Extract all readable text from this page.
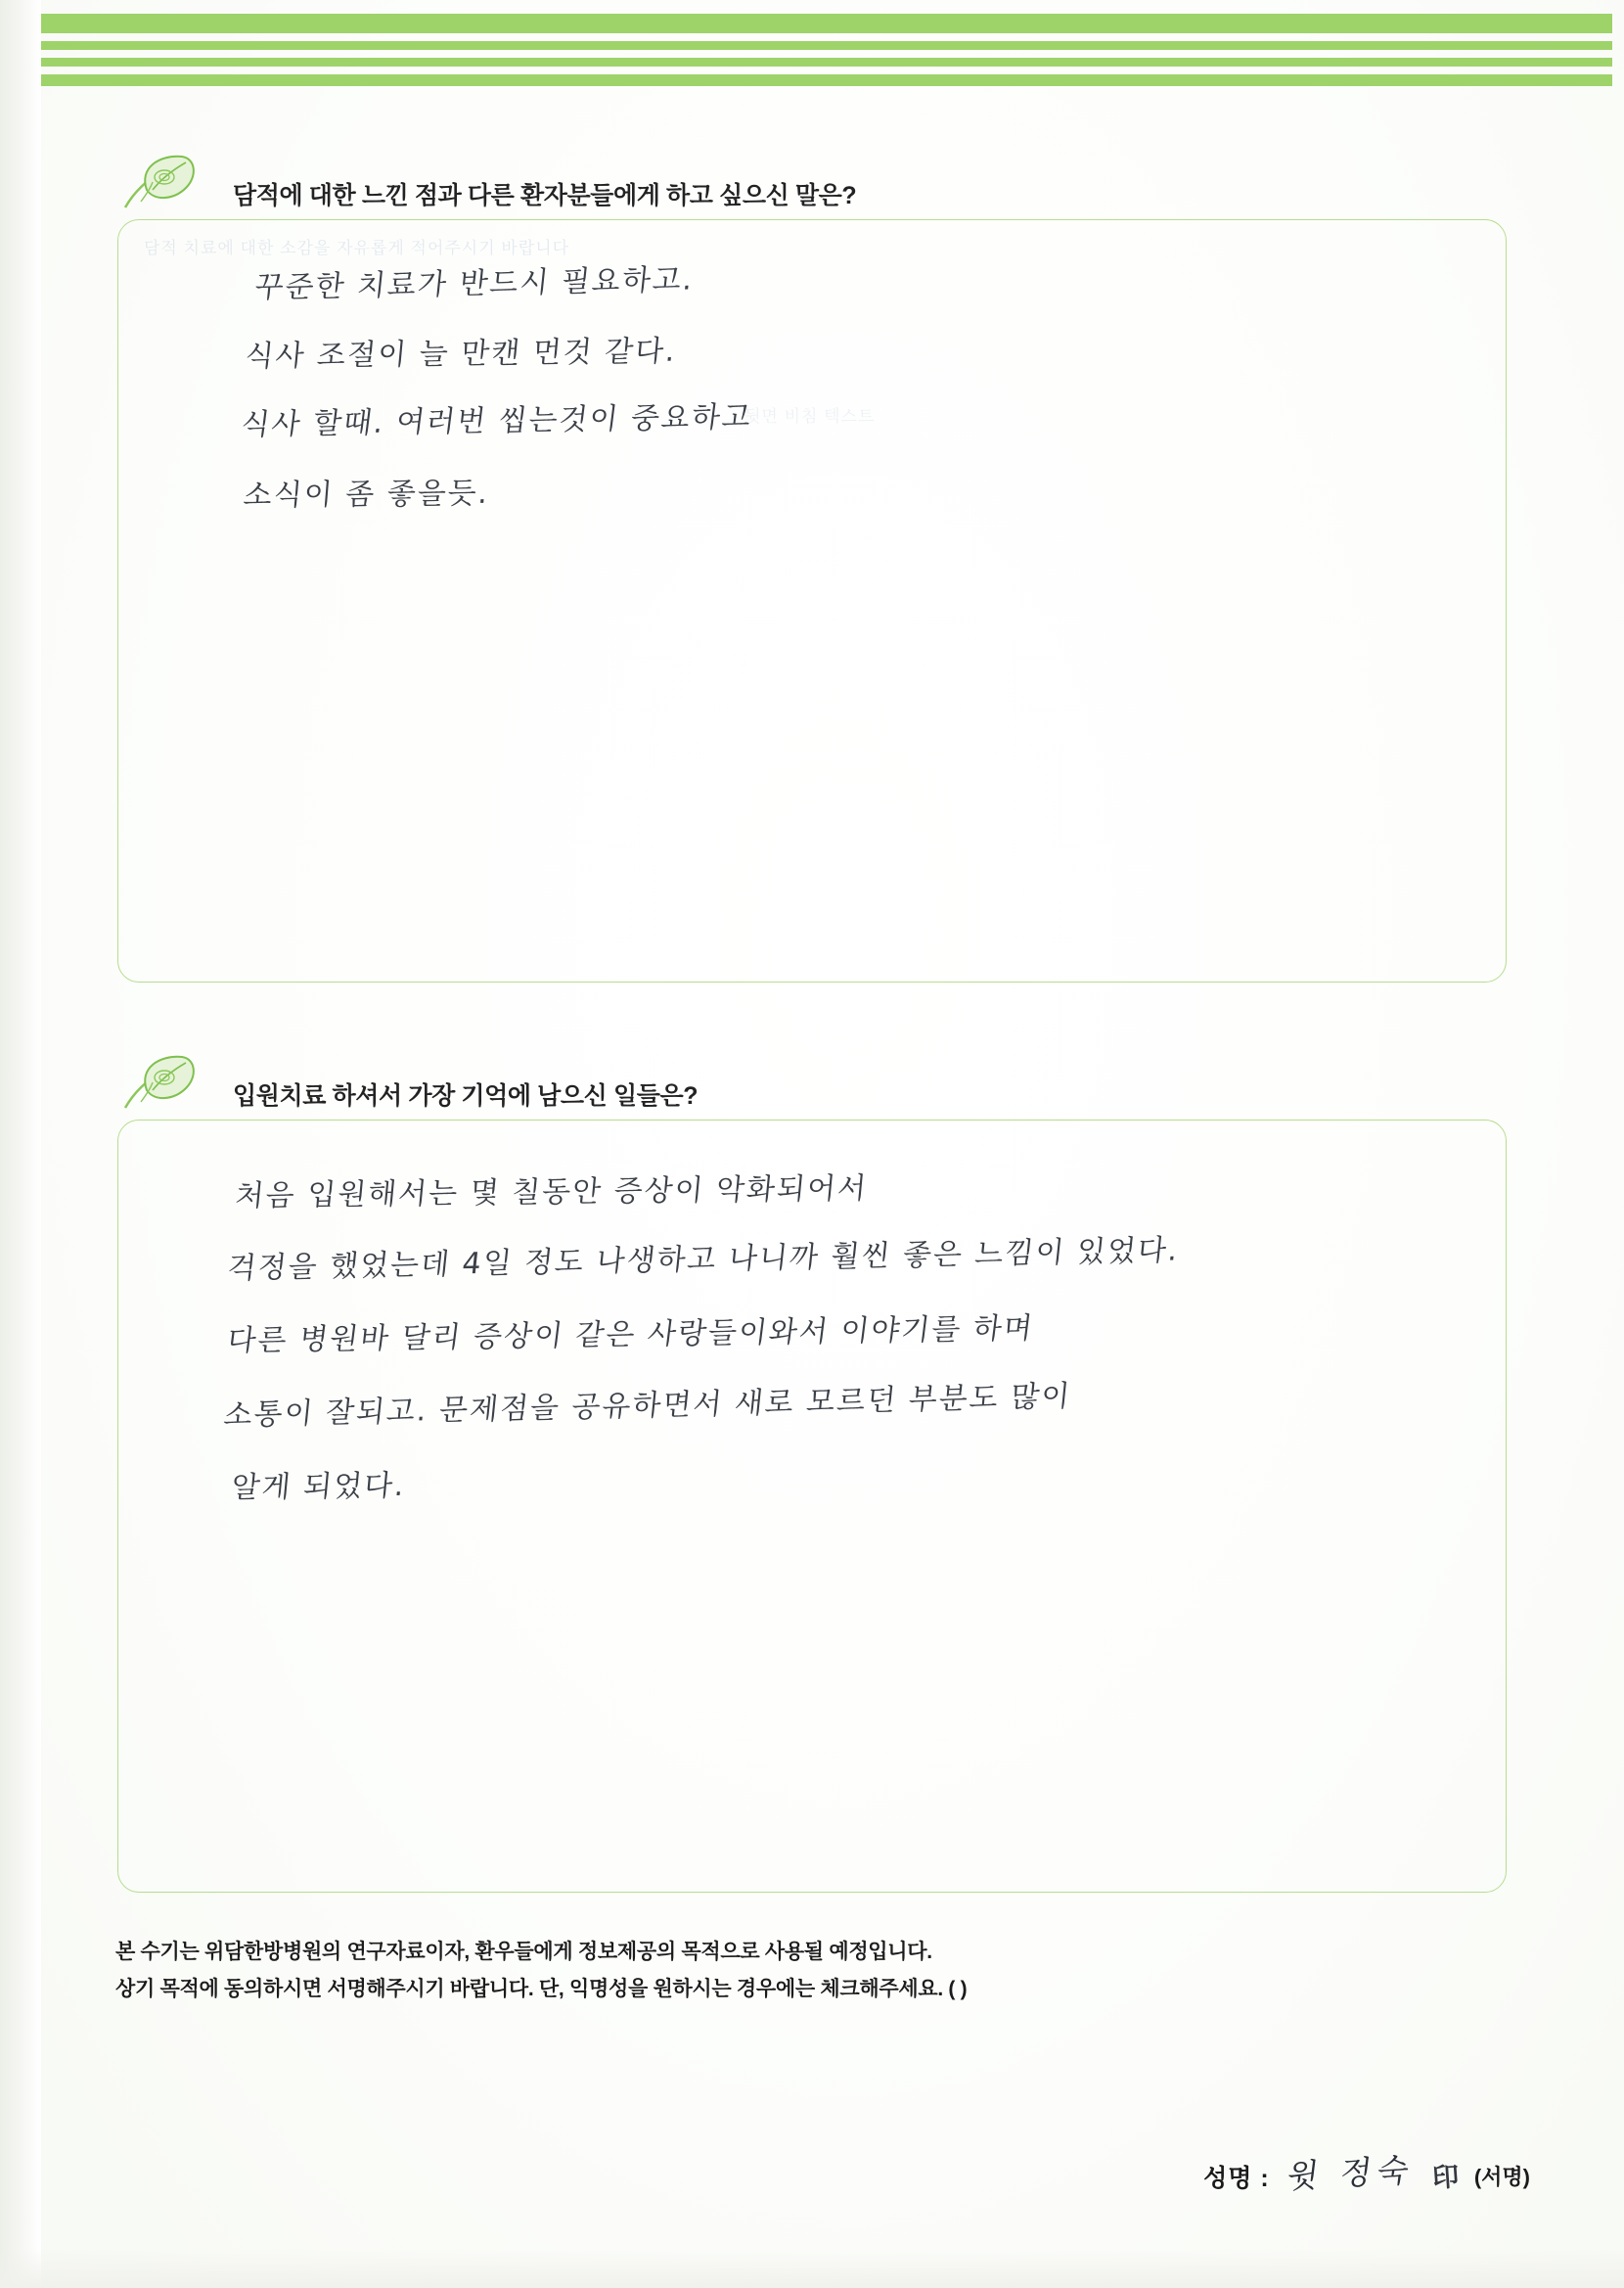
담적에 대한 느낀 점과 다른 환자분들에게 하고 싶으신 말은?
담적 치료에 대한 소감을 자유롭게 적어주시기 바랍니다
뒷면 비침 텍스트
꾸준한 치료가 반드시 필요하고.
식사 조절이 늘 만캔 먼것 같다.
식사 할때. 여러번 씹는것이 중요하고
소식이 좀 좋을듯.
입원치료 하셔서 가장 기억에 남으신 일들은?
처음 입원해서는 몇 칠동안 증상이 악화되어서
걱정을 했었는데 4일 정도 나생하고 나니까 훨씬 좋은 느낌이 있었다.
다른 병원바 달리 증상이 같은 사랑들이와서 이야기를 하며
소통이 잘되고. 문제점을 공유하면서 새로 모르던 부분도 많이
알게 되었다.
본 수기는 위담한방병원의 연구자료이자, 환우들에게 정보제공의 목적으로 사용될 예정입니다.
상기 목적에 동의하시면 서명해주시기 바랍니다. 단, 익명성을 원하시는 경우에는 체크해주세요. ( )
성명 : 윗 정숙 印 (서명)
